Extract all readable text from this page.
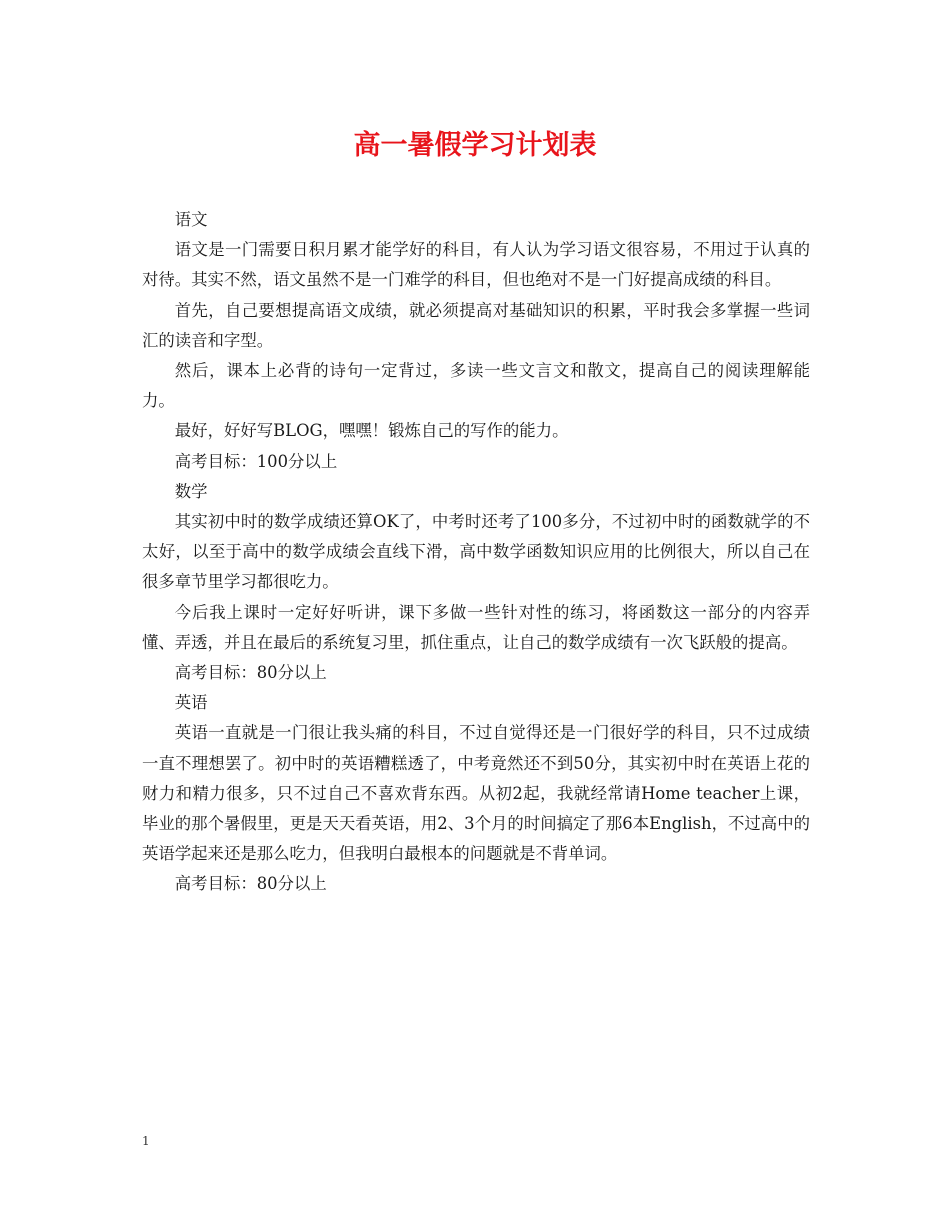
高一暑假学习计划表

语文

语文是一门需要日积月累才能学好的科目，有人认为学习语文很容易，不用过于认真的对待。其实不然，语文虽然不是一门难学的科目，但也绝对不是一门好提高成绩的科目。

首先，自己要想提高语文成绩，就必须提高对基础知识的积累，平时我会多掌握一些词汇的读音和字型。

然后，课本上必背的诗句一定背过，多读一些文言文和散文，提高自己的阅读理解能力。

最好，好好写BLOG，嘿嘿！锻炼自己的写作的能力。

高考目标：100分以上

数学

其实初中时的数学成绩还算OK了，中考时还考了100多分，不过初中时的函数就学的不太好，以至于高中的数学成绩会直线下滑，高中数学函数知识应用的比例很大，所以自己在很多章节里学习都很吃力。

今后我上课时一定好好听讲，课下多做一些针对性的练习，将函数这一部分的内容弄懂、弄透，并且在最后的系统复习里，抓住重点，让自己的数学成绩有一次飞跃般的提高。

高考目标：80分以上

英语

英语一直就是一门很让我头痛的科目，不过自觉得还是一门很好学的科目，只不过成绩一直不理想罢了。初中时的英语糟糕透了，中考竟然还不到50分，其实初中时在英语上花的财力和精力很多，只不过自己不喜欢背东西。从初2起，我就经常请Home teacher上课，毕业的那个暑假里，更是天天看英语，用2、3个月的时间搞定了那6本English，不过高中的英语学起来还是那么吃力，但我明白最根本的问题就是不背单词。

高考目标：80分以上

1
